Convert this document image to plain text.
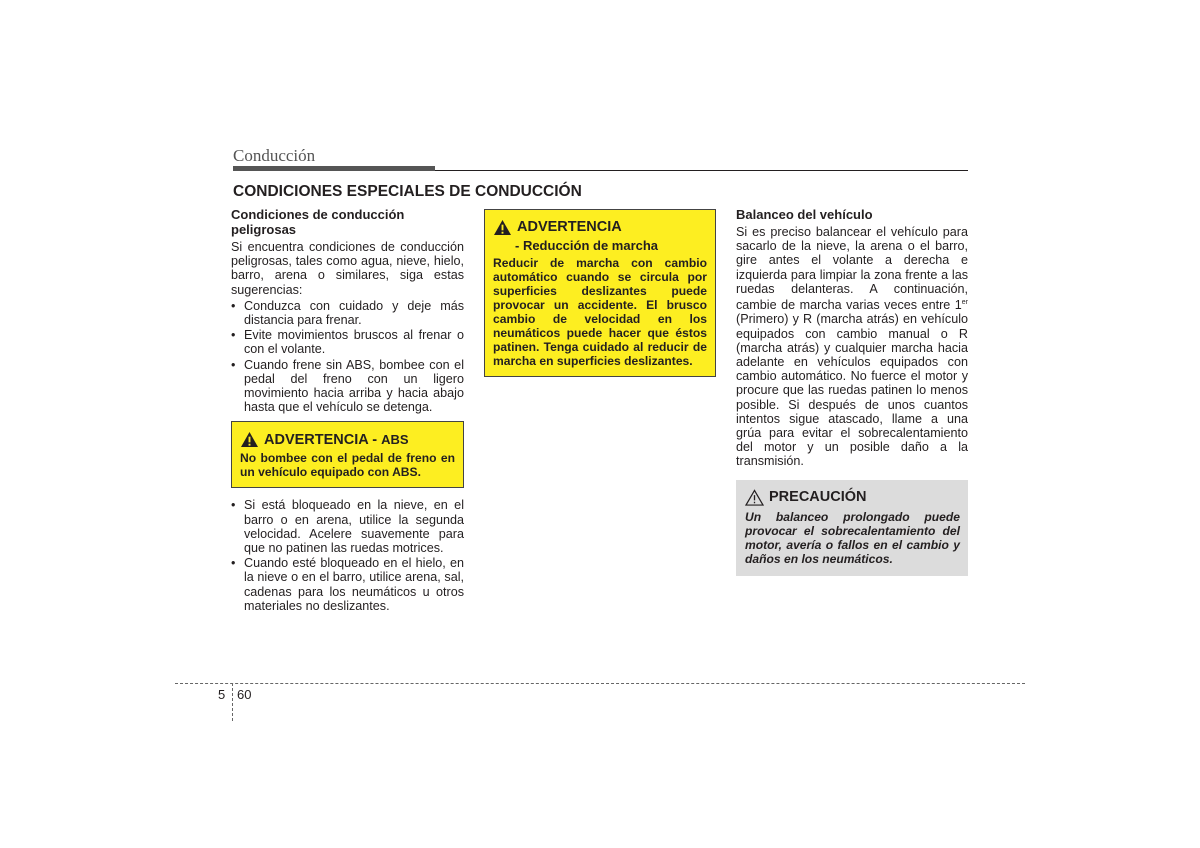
Conducción
CONDICIONES ESPECIALES DE CONDUCCIÓN
Condiciones de conducción peligrosas

Si encuentra condiciones de conducción peligrosas, tales como agua, nieve, hielo, barro, arena o similares, siga estas sugerencias:

• Conduzca con cuidado y deje más distancia para frenar.
• Evite movimientos bruscos al frenar o con el volante.
• Cuando frene sin ABS, bombee con el pedal del freno con un ligero movimiento hacia arriba y hacia abajo hasta que el vehículo se detenga.
ADVERTENCIA - ABS
No bombee con el pedal de freno en un vehículo equipado con ABS.
• Si está bloqueado en la nieve, en el barro o en arena, utilice la segunda velocidad. Acelere suavemente para que no patinen las ruedas motrices.
• Cuando esté bloqueado en el hielo, en la nieve o en el barro, utilice arena, sal, cadenas para los neumáticos u otros materiales no deslizantes.
ADVERTENCIA
- Reducción de marcha
Reducir de marcha con cambio automático cuando se circula por superficies deslizantes puede provocar un accidente. El brusco cambio de velocidad en los neumáticos puede hacer que éstos patinen. Tenga cuidado al reducir de marcha en superficies deslizantes.
Balanceo del vehículo

Si es preciso balancear el vehículo para sacarlo de la nieve, la arena o el barro, gire antes el volante a derecha e izquierda para limpiar la zona frente a las ruedas delanteras. A continuación, cambie de marcha varias veces entre 1er (Primero) y R (marcha atrás) en vehículo equipados con cambio manual o R (marcha atrás) y cualquier marcha hacia adelante en vehículos equipados con cambio automático. No fuerce el motor y procure que las ruedas patinen lo menos posible. Si después de unos cuantos intentos sigue atascado, llame a una grúa para evitar el sobrecalentamiento del motor y un posible daño a la transmisión.

PRECAUCIÓN
Un balanceo prolongado puede provocar el sobrecalentamiento del motor, avería o fallos en el cambio y daños en los neumáticos.
5 60
